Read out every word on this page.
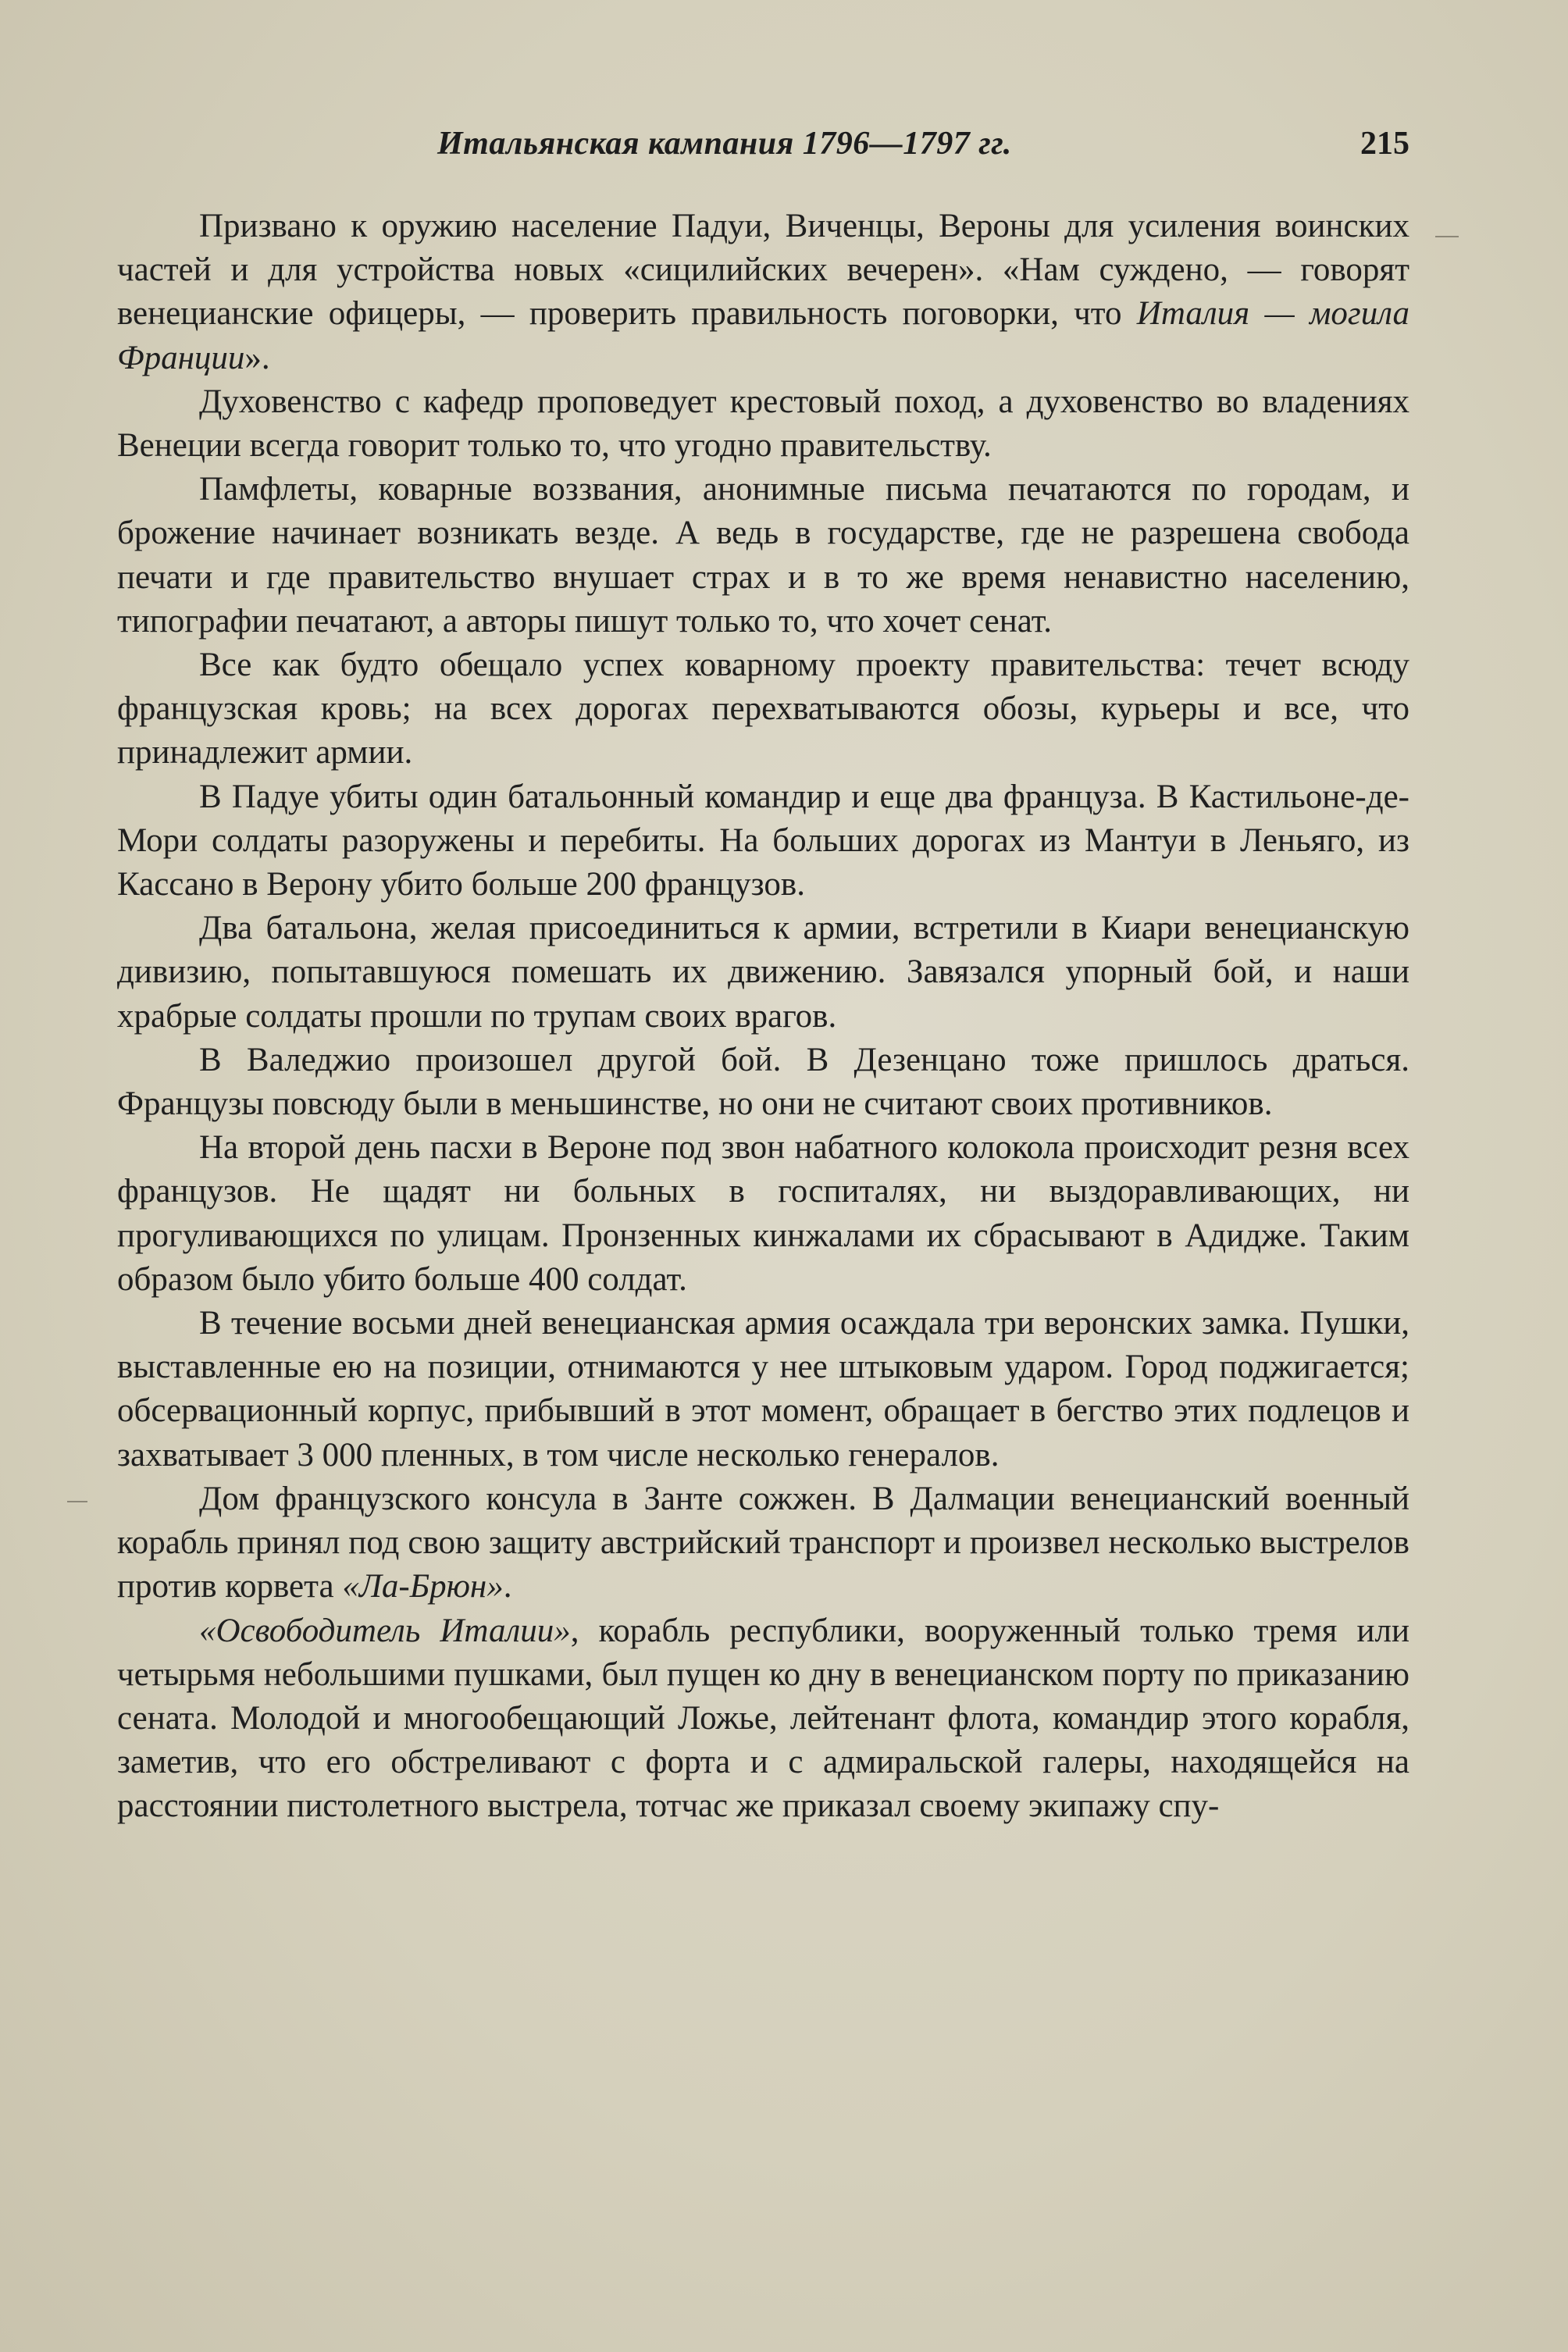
Итальянская кампания 1796—1797 гг.	215

Призвано к оружию население Падуи, Виченцы, Вероны для усиления воинских частей и для устройства новых «сицилийских вечерен». «Нам суждено, — говорят венецианские офицеры, — проверить правильность поговорки, что Италия — могила Франции».

Духовенство с кафедр проповедует крестовый поход, а духовенство во владениях Венеции всегда говорит только то, что угодно правительству.

Памфлеты, коварные воззвания, анонимные письма печатаются по городам, и брожение начинает возникать везде. А ведь в государстве, где не разрешена свобода печати и где правительство внушает страх и в то же время ненавистно населению, типографии печатают, а авторы пишут только то, что хочет сенат.

Все как будто обещало успех коварному проекту правительства: течет всюду французская кровь; на всех дорогах перехватываются обозы, курьеры и все, что принадлежит армии.

В Падуе убиты один батальонный командир и еще два француза. В Кастильоне-де-Мори солдаты разоружены и перебиты. На больших дорогах из Мантуи в Леньяго, из Кассано в Верону убито больше 200 французов.

Два батальона, желая присоединиться к армии, встретили в Киари венецианскую дивизию, попытавшуюся помешать их движению. Завязался упорный бой, и наши храбрые солдаты прошли по трупам своих врагов.

В Валеджио произошел другой бой. В Дезенцано тоже пришлось драться. Французы повсюду были в меньшинстве, но они не считают своих противников.

На второй день пасхи в Вероне под звон набатного колокола происходит резня всех французов. Не щадят ни больных в госпиталях, ни выздоравливающих, ни прогуливающихся по улицам. Пронзенных кинжалами их сбрасывают в Адидже. Таким образом было убито больше 400 солдат.

В течение восьми дней венецианская армия осаждала три веронских замка. Пушки, выставленные ею на позиции, отнимаются у нее штыковым ударом. Город поджигается; обсервационный корпус, прибывший в этот момент, обращает в бегство этих подлецов и захватывает 3 000 пленных, в том числе несколько генералов.

Дом французского консула в Занте сожжен. В Далмации венецианский военный корабль принял под свою защиту австрийский транспорт и произвел несколько выстрелов против корвета «Ла-Брюн».

«Освободитель Италии», корабль республики, вооруженный только тремя или четырьмя небольшими пушками, был пущен ко дну в венецианском порту по приказанию сената. Молодой и многообещающий Ложье, лейтенант флота, командир этого корабля, заметив, что его обстреливают с форта и с адмиральской галеры, находящейся на расстоянии пистолетного выстрела, тотчас же приказал своему экипажу спу-
